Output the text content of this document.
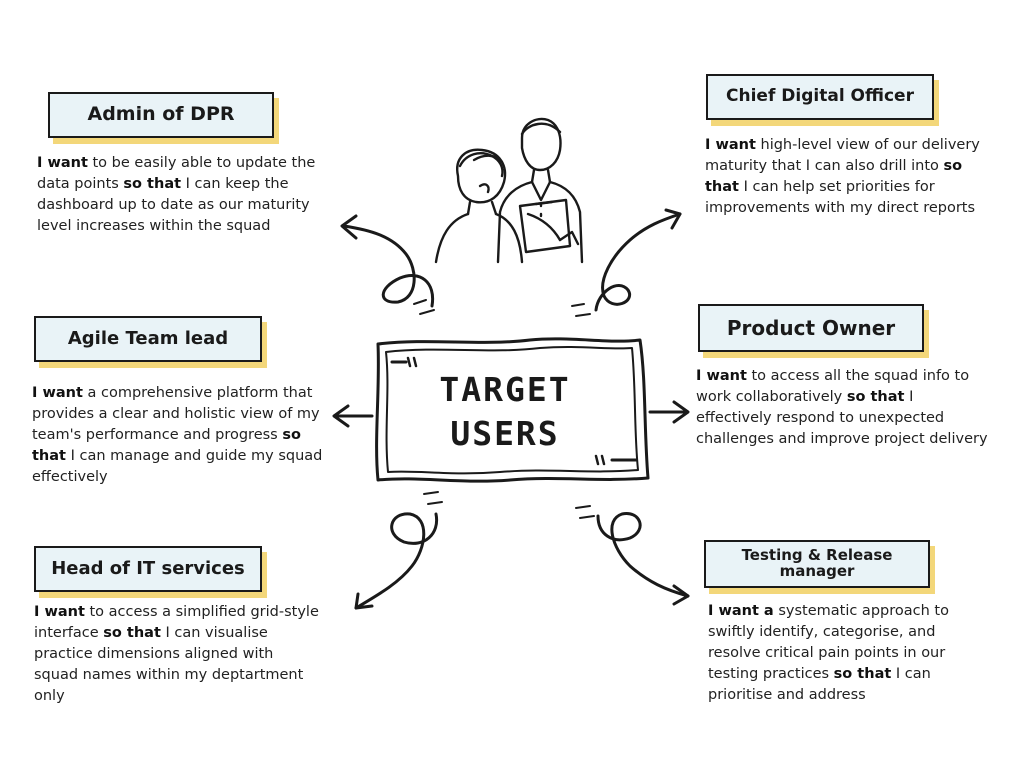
TARGET
USERS
Admin of DPR
Chief Digital Officer
Agile Team lead	Product Owner
Head of IT services
Testing & Release manager

I want to be easily able to update the data points so that I can keep the dashboard up to date as our maturity level increases within the squad

I want high-level view of our delivery maturity that I can also drill into so that I can help set priorities for improvements with my direct reports

I want a comprehensive platform that provides a clear and holistic view of my team's performance and progress so that I can manage and guide my squad effectively

I want to access all the squad info to work collaboratively so that I effectively respond to unexpected challenges and improve project delivery

I want to access a simplified grid-style interface so that I can visualise practice dimensions aligned with squad names within my deptartment only

I want a systematic approach to swiftly identify, categorise, and resolve critical pain points in our testing practices so that I can prioritise and address
